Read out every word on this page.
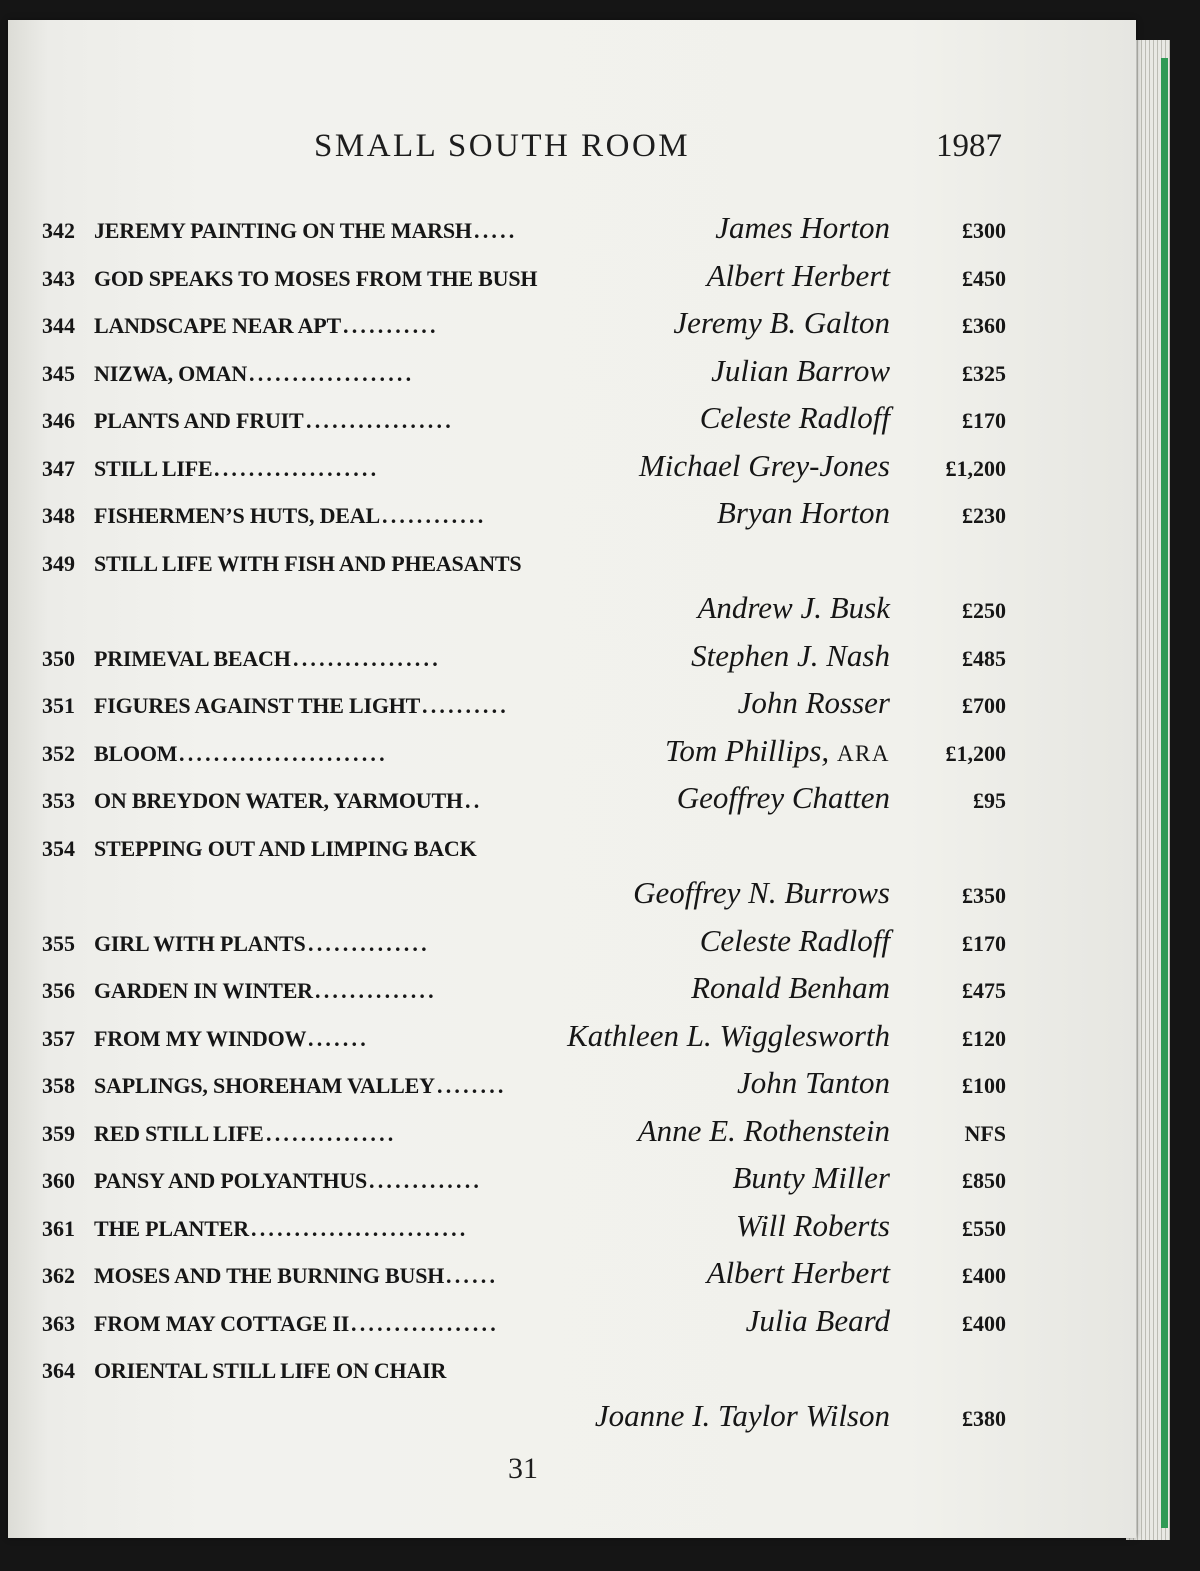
SMALL SOUTH ROOM	1987
342 JEREMY PAINTING ON THE MARSH .....	James Horton	£300
343 GOD SPEAKS TO MOSES FROM THE BUSH	Albert Herbert	£450
344 LANDSCAPE NEAR APT ...........	Jeremy B. Galton	£360
345 NIZWA, OMAN ...................	Julian Barrow	£325
346 PLANTS AND FRUIT .................	Celeste Radloff	£170
347 STILL LIFE ...................	Michael Grey-Jones	£1,200
348 FISHERMEN’S HUTS, DEAL ............	Bryan Horton	£230
349 STILL LIFE WITH FISH AND PHEASANTS
Andrew J. Busk	£250
350 PRIMEVAL BEACH .................	Stephen J. Nash	£485
351 FIGURES AGAINST THE LIGHT ..........	John Rosser	£700
352 BLOOM ........................	Tom Phillips, ARA	£1,200
353 ON BREYDON WATER, YARMOUTH ..	Geoffrey Chatten	£95
354 STEPPING OUT AND LIMPING BACK
Geoffrey N. Burrows	£350
355 GIRL WITH PLANTS ..............	Celeste Radloff	£170
356 GARDEN IN WINTER ..............	Ronald Benham	£475
357 FROM MY WINDOW .......	Kathleen L. Wigglesworth	£120
358 SAPLINGS, SHOREHAM VALLEY ........	John Tanton	£100
359 RED STILL LIFE ...............	Anne E. Rothenstein	NFS
360 PANSY AND POLYANTHUS .............	Bunty Miller	£850
361 THE PLANTER .........................	Will Roberts	£550
362 MOSES AND THE BURNING BUSH ......	Albert Herbert	£400
363 FROM MAY COTTAGE II .................	Julia Beard	£400
364 ORIENTAL STILL LIFE ON CHAIR
Joanne I. Taylor Wilson	£380
31
